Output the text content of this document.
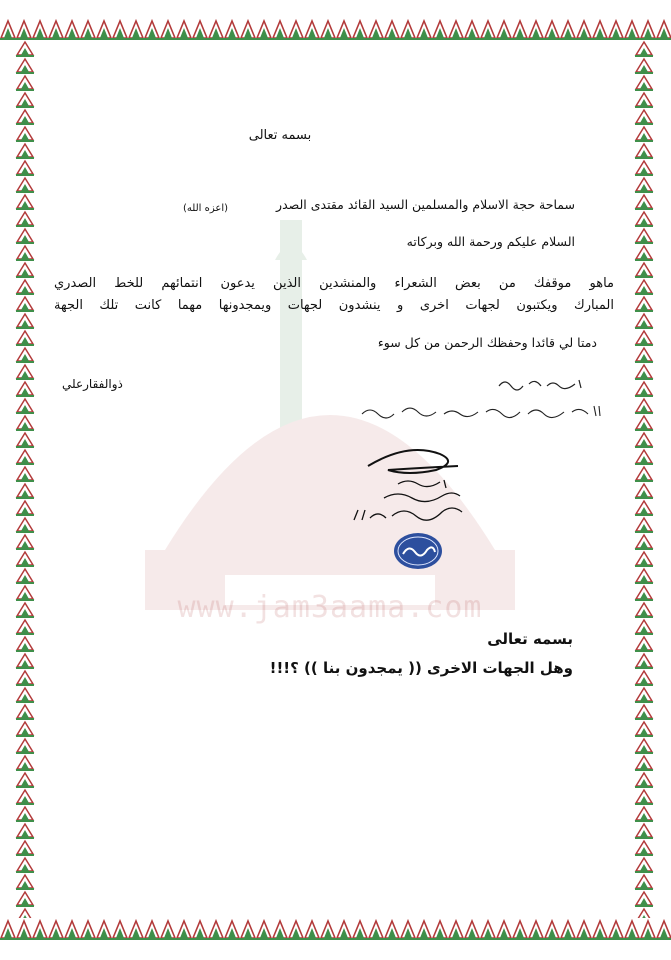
www.jam3aama.com
بسمه تعالى
سماحة حجة الاسلام والمسلمين السيد القائد مقتدى الصدر
(اعزه الله)
السلام عليكم ورحمة الله وبركاته
ماهو موقفك من بعض الشعراء والمنشدين الذين يدعون انتمائهم للخط الصدري
المبارك ويكتبون لجهات اخرى و ينشدون لجهات ويمجدونها مهما كانت تلك الجهة
دمتا لي قائدا وحفظك الرحمن من كل سوء
ذوالفقارعلي
بسمه تعالى
وهل الجهات الاخرى (( يمجدون بنا )) ؟!!!
